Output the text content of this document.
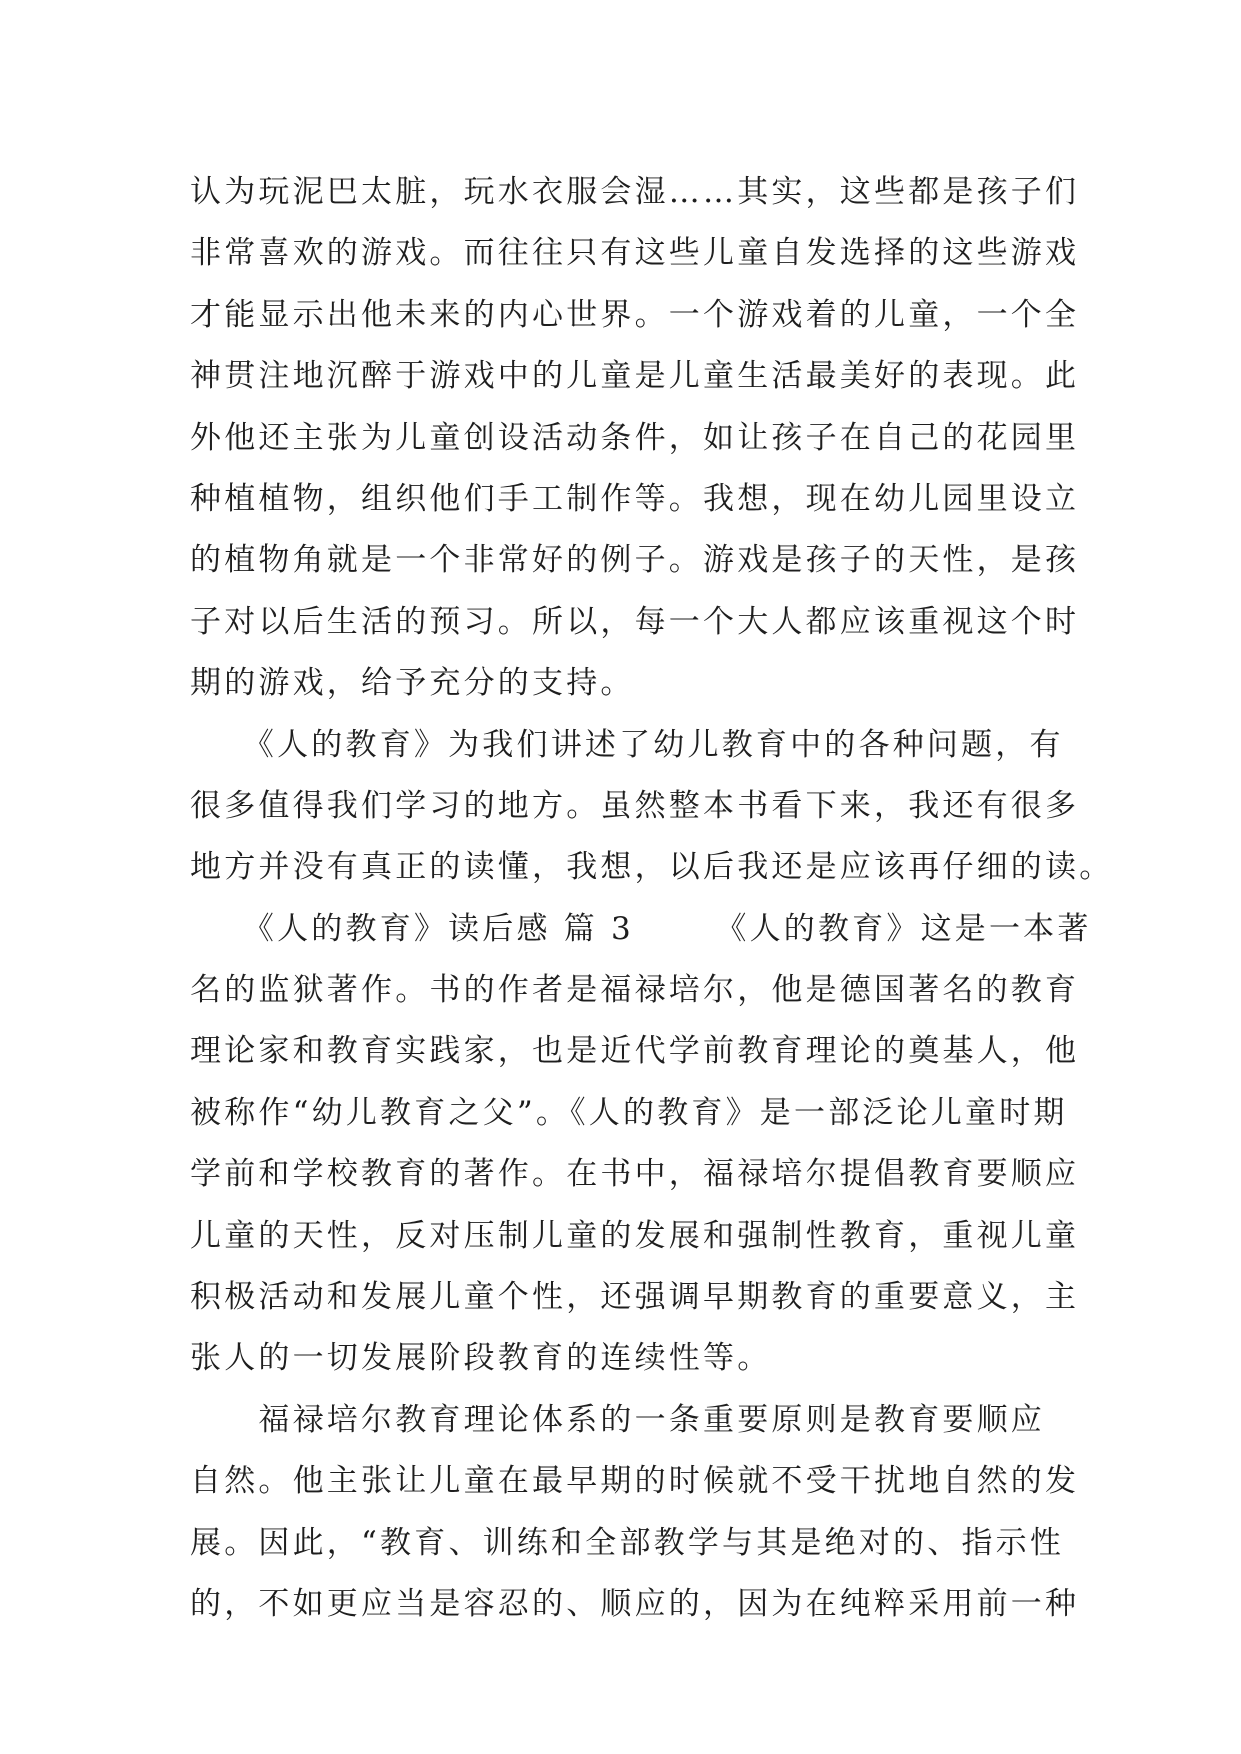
认为玩泥巴太脏，玩水衣服会湿……其实，这些都是孩子们
非常喜欢的游戏。而往往只有这些儿童自发选择的这些游戏
才能显示出他未来的内心世界。一个游戏着的儿童，一个全
神贯注地沉醉于游戏中的儿童是儿童生活最美好的表现。此
外他还主张为儿童创设活动条件，如让孩子在自己的花园里
种植植物，组织他们手工制作等。我想，现在幼儿园里设立
的植物角就是一个非常好的例子。游戏是孩子的天性，是孩
子对以后生活的预习。所以，每一个大人都应该重视这个时
期的游戏，给予充分的支持。
　　《人的教育》为我们讲述了幼儿教育中的各种问题，有
很多值得我们学习的地方。虽然整本书看下来，我还有很多
地方并没有真正的读懂，我想，以后我还是应该再仔细的读。
　　《人的教育》读后感 篇 3　　 《人的教育》这是一本著
名的监狱著作。书的作者是福禄培尔，他是德国著名的教育
理论家和教育实践家，也是近代学前教育理论的奠基人，他
被称作“幼儿教育之父”。《人的教育》是一部泛论儿童时期
学前和学校教育的著作。在书中，福禄培尔提倡教育要顺应
儿童的天性，反对压制儿童的发展和强制性教育，重视儿童
积极活动和发展儿童个性，还强调早期教育的重要意义，主
张人的一切发展阶段教育的连续性等。
　　福禄培尔教育理论体系的一条重要原则是教育要顺应
自然。他主张让儿童在最早期的时候就不受干扰地自然的发
展。因此，“教育、训练和全部教学与其是绝对的、指示性
的，不如更应当是容忍的、顺应的，因为在纯粹采用前一种
